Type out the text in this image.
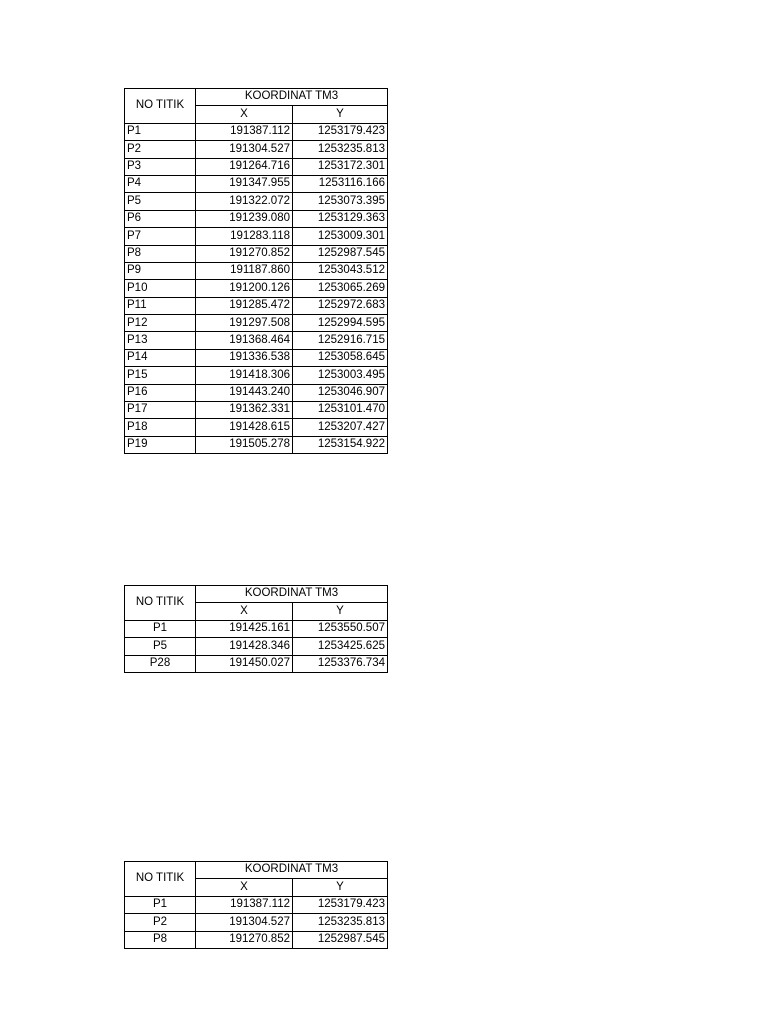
NO TITIK	KOORDINAT TM3	
	X	Y
P1	191387.112	1253179.423
P2	191304.527	1253235.813
P3	191264.716	1253172.301
P4	191347.955	1253116.166
P5	191322.072	1253073.395
P6	191239.080	1253129.363
P7	191283.118	1253009.301
P8	191270.852	1252987.545
P9	191187.860	1253043.512
P10	191200.126	1253065.269
P11	191285.472	1252972.683
P12	191297.508	1252994.595
P13	191368.464	1252916.715
P14	191336.538	1253058.645
P15	191418.306	1253003.495
P16	191443.240	1253046.907
P17	191362.331	1253101.470
P18	191428.615	1253207.427
P19	191505.278	1253154.922
NO TITIK	KOORDINAT TM3	
	X	Y
P1	191425.161	1253550.507
P5	191428.346	1253425.625
P28	191450.027	1253376.734
NO TITIK	KOORDINAT TM3	
	X	Y
P1	191387.112	1253179.423
P2	191304.527	1253235.813
P8	191270.852	1252987.545
